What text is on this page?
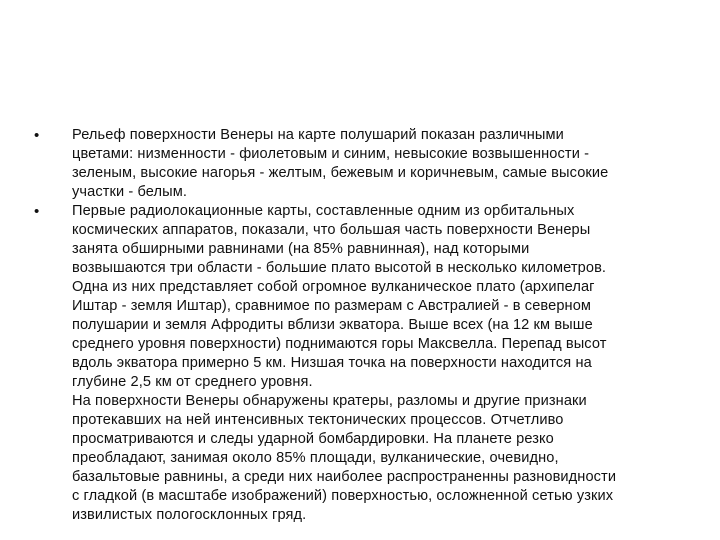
•	Рельеф поверхности Венеры на карте полушарий показан различными
цветами: низменности - фиолетовым и синим, невысокие возвышенности -
зеленым, высокие нагорья - желтым, бежевым и коричневым, самые высокие
участки - белым.

•	Первые радиолокационные карты, составленные одним из орбитальных
космических аппаратов, показали, что большая часть поверхности Венеры
занята обширными равнинами (на 85% равнинная), над которыми
возвышаются три области - большие плато высотой в несколько километров.
Одна из них представляет собой огромное вулканическое плато (архипелаг
Иштар - земля Иштар), сравнимое по размерам с Австралией - в северном
полушарии и земля Афродиты вблизи экватора. Выше всех (на 12 км выше
среднего уровня поверхности) поднимаются горы Максвелла. Перепад высот
вдоль экватора примерно 5 км. Низшая точка на поверхности находится на
глубине 2,5 км от среднего уровня.
На поверхности Венеры обнаружены кратеры, разломы и другие признаки
протекавших на ней интенсивных тектонических процессов. Отчетливо
просматриваются и следы ударной бомбардировки. На планете резко
преобладают, занимая около 85% площади, вулканические, очевидно,
базальтовые равнины, а среди них наиболее распространенны разновидности
с гладкой (в масштабе изображений) поверхностью, осложненной сетью узких
извилистых пологосклонных гряд.
